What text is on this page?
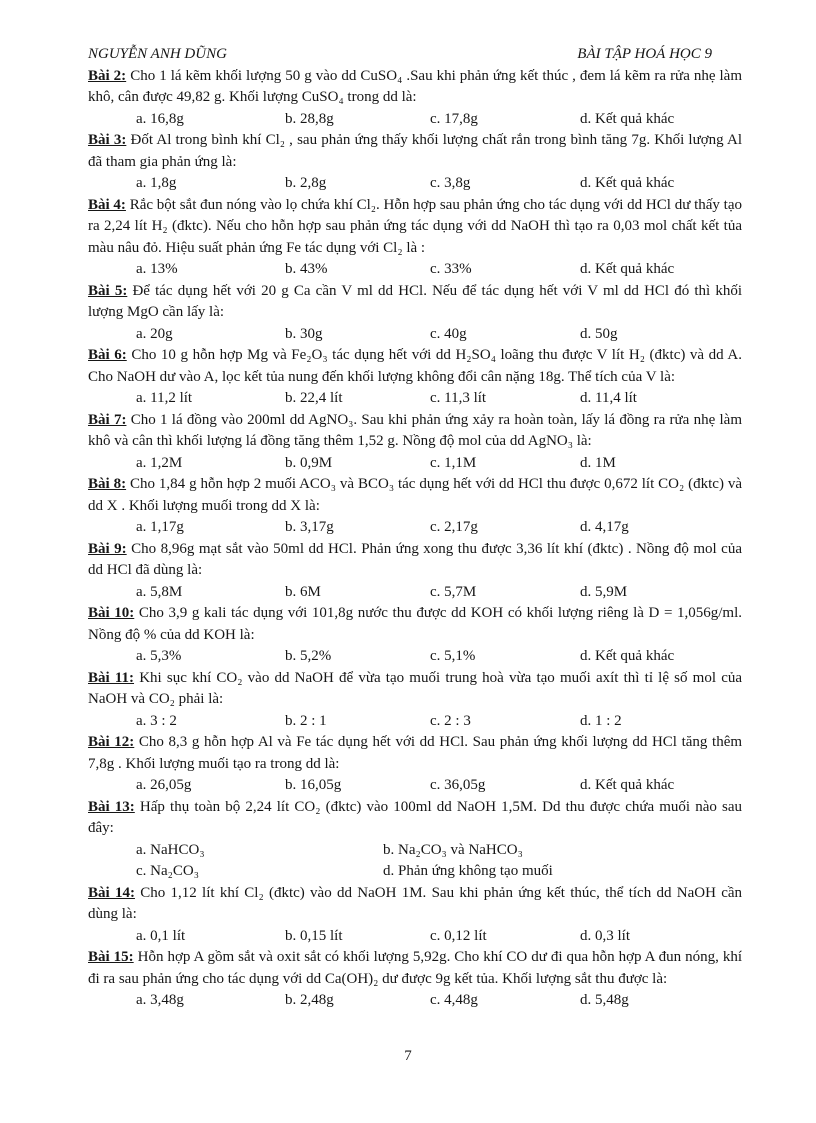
NGUYỄN ANH DŨNG	BÀI TẬP HOÁ HỌC 9

Bài 2: Cho 1 lá kẽm khối lượng 50 g vào dd CuSO₄ .Sau khi phản ứng kết thúc , đem lá kẽm ra rửa nhẹ làm khô, cân được 49,82 g. Khối lượng CuSO₄ trong dd là:

a. 16,8g	b. 28,8g	c. 17,8g	d. Kết quả khác

Bài 3: Đốt Al trong bình khí Cl₂ , sau phản ứng thấy khối lượng chất rắn trong bình tăng 7g. Khối lượng Al đã tham gia phản ứng là:

a. 1,8g	b. 2,8g	c. 3,8g	d. Kết quả khác

Bài 4: Rắc bột sắt đun nóng vào lọ chứa khí Cl₂. Hỗn hợp sau phản ứng cho tác dụng với dd HCl dư thấy tạo ra 2,24 lít H₂ (đktc). Nếu cho hỗn hợp sau phản ứng tác dụng với dd NaOH thì tạo ra 0,03 mol chất kết tủa màu nâu đỏ. Hiệu suất phản ứng Fe tác dụng với Cl₂ là :

a. 13%	b. 43%	c. 33%	d. Kết quả khác

Bài 5: Để tác dụng hết với 20 g Ca cần V ml dd HCl. Nếu để tác dụng hết với V ml dd HCl đó thì khối lượng MgO cần lấy là:

a. 20g	b. 30g	c. 40g	d. 50g

Bài 6: Cho 10 g hỗn hợp Mg và Fe₂O₃ tác dụng hết với dd H₂SO₄ loãng thu được V lít H₂ (đktc) và dd A. Cho NaOH dư vào A, lọc kết tủa nung đến khối lượng không đổi cân nặng 18g. Thể tích của V là:

a. 11,2 lít	b. 22,4 lít	c. 11,3 lít	d. 11,4 lít

Bài 7: Cho 1 lá đồng vào 200ml dd AgNO₃. Sau khi phản ứng xảy ra hoàn toàn, lấy lá đồng ra rửa nhẹ làm khô và cân thì khối lượng lá đồng tăng thêm 1,52 g. Nồng độ mol của dd AgNO₃ là:

a. 1,2M	b. 0,9M	c. 1,1M	d. 1M

Bài 8: Cho 1,84 g hỗn hợp 2 muối ACO₃ và BCO₃ tác dụng hết với dd HCl thu được 0,672 lít CO₂ (đktc) và dd X . Khối lượng muối trong dd X là:

a. 1,17g	b. 3,17g	c. 2,17g	d. 4,17g

Bài 9: Cho 8,96g mạt sắt vào 50ml dd HCl. Phản ứng xong thu được 3,36 lít khí (đktc) . Nồng độ mol của dd HCl đã dùng là:

a. 5,8M	b. 6M	c. 5,7M	d. 5,9M

Bài 10: Cho 3,9 g kali tác dụng với 101,8g nước thu được dd KOH có khối lượng riêng là D = 1,056g/ml. Nồng độ % của dd KOH là:

a. 5,3%	b. 5,2%	c. 5,1%	d. Kết quả khác

Bài 11: Khi sục khí CO₂ vào dd NaOH để vừa tạo muối trung hoà vừa tạo muối axít thì tỉ lệ số mol của NaOH và CO₂ phải là:

a. 3 : 2	b. 2 : 1	c. 2 : 3	d. 1 : 2

Bài 12: Cho 8,3 g hỗn hợp Al và Fe tác dụng hết với dd HCl. Sau phản ứng khối lượng dd HCl tăng thêm 7,8g . Khối lượng muối tạo ra trong dd là:

a. 26,05g	b. 16,05g	c. 36,05g	d. Kết quả khác

Bài 13: Hấp thụ toàn bộ 2,24 lít CO₂ (đktc) vào 100ml dd NaOH 1,5M. Dd thu được chứa muối nào sau đây:

a. NaHCO₃	b. Na₂CO₃ và NaHCO₃
c. Na₂CO₃	d. Phản ứng không tạo muối

Bài 14: Cho 1,12 lít khí Cl₂ (đktc) vào dd NaOH 1M. Sau khi phản ứng kết thúc, thể tích dd NaOH cần dùng là:

a. 0,1 lít	b. 0,15 lít	c. 0,12 lít	d. 0,3 lít

Bài 15: Hỗn hợp A gồm sắt và oxit sắt có khối lượng 5,92g. Cho khí CO dư đi qua hỗn hợp A đun nóng, khí đi ra sau phản ứng cho tác dụng với dd Ca(OH)₂ dư được 9g kết tủa. Khối lượng sắt thu được là:

a. 3,48g	b. 2,48g	c. 4,48g	d. 5,48g
7
